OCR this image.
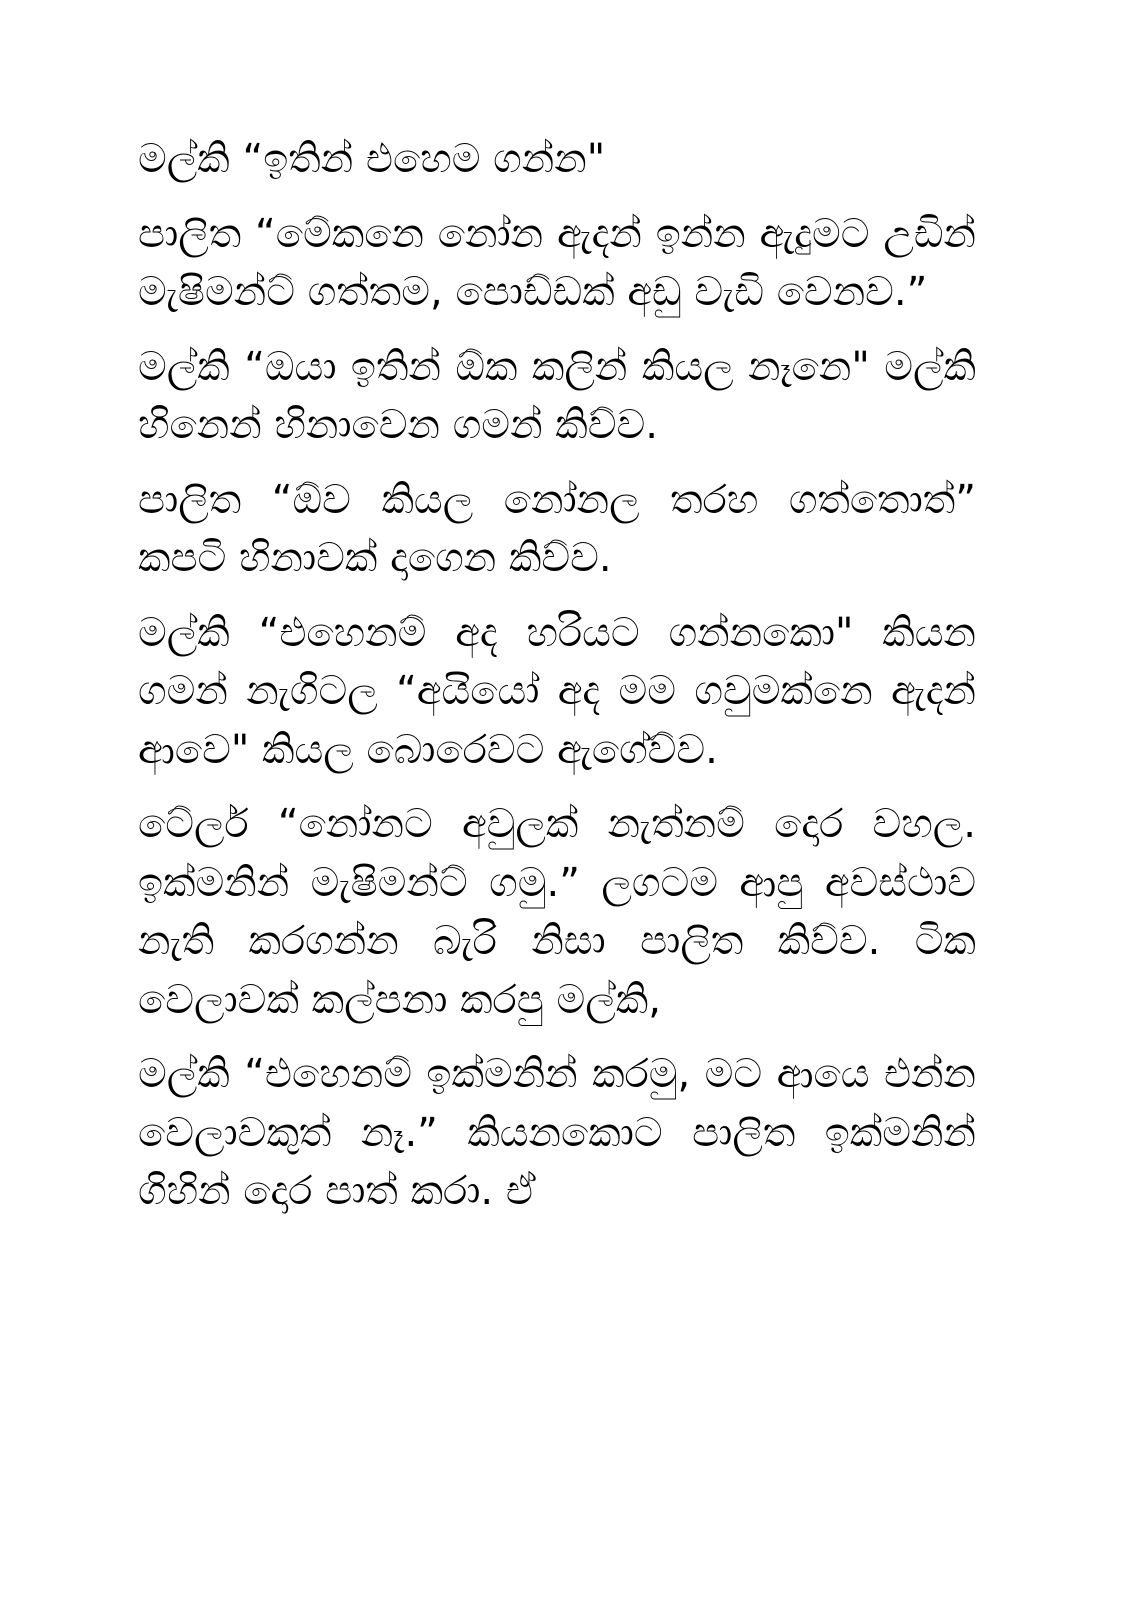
මල්කි “ඉතින් එහෙම ගන්න"

පාලිත “මේකනෙ නෝන ඇදන් ඉන්න ඇදුමට උඩින් මැෂිමන්ට් ගත්තම, පොඩ්ඩක් අඩු වැඩි වෙනව.”

මල්කි “ඔයා ඉතින් ඕක කලින් කියල නෑනෙ" මල්කි හිනෙන් හිනාවෙන ගමන් කිව්ව.

පාලිත “ඕව කියල නෝනල තරහ ගත්තොත්” කපටි හිනාවක් දාගෙන කිව්ව.

මල්කි “එහෙනම් අද හරියට ගන්නකො" කියන ගමන් නැගිටල “අයියෝ අද මම ගවුමක්නෙ ඇදන් ආවෙ" කියල බොරෙවට ඇගේව්ව.

ටේලර් “නෝනට අවුලක් නැත්නම් දොර වහල. ඉක්මනින් මැෂිමන්ට් ගමු.” ලගටම ආපු අවස්ථාව නැති කරගන්න බැරි නිසා පාලිත කිව්ව. ටික වෙලාවක් කල්පනා කරපු මල්කි,

මල්කි “එහෙනම් ඉක්මනින් කරමු, මට ආයෙ එන්න වෙලාවකුත් නෑ.” කියනකොට පාලිත ඉක්මනින් ගිහින් දොර පාත් කරා. ඒ
